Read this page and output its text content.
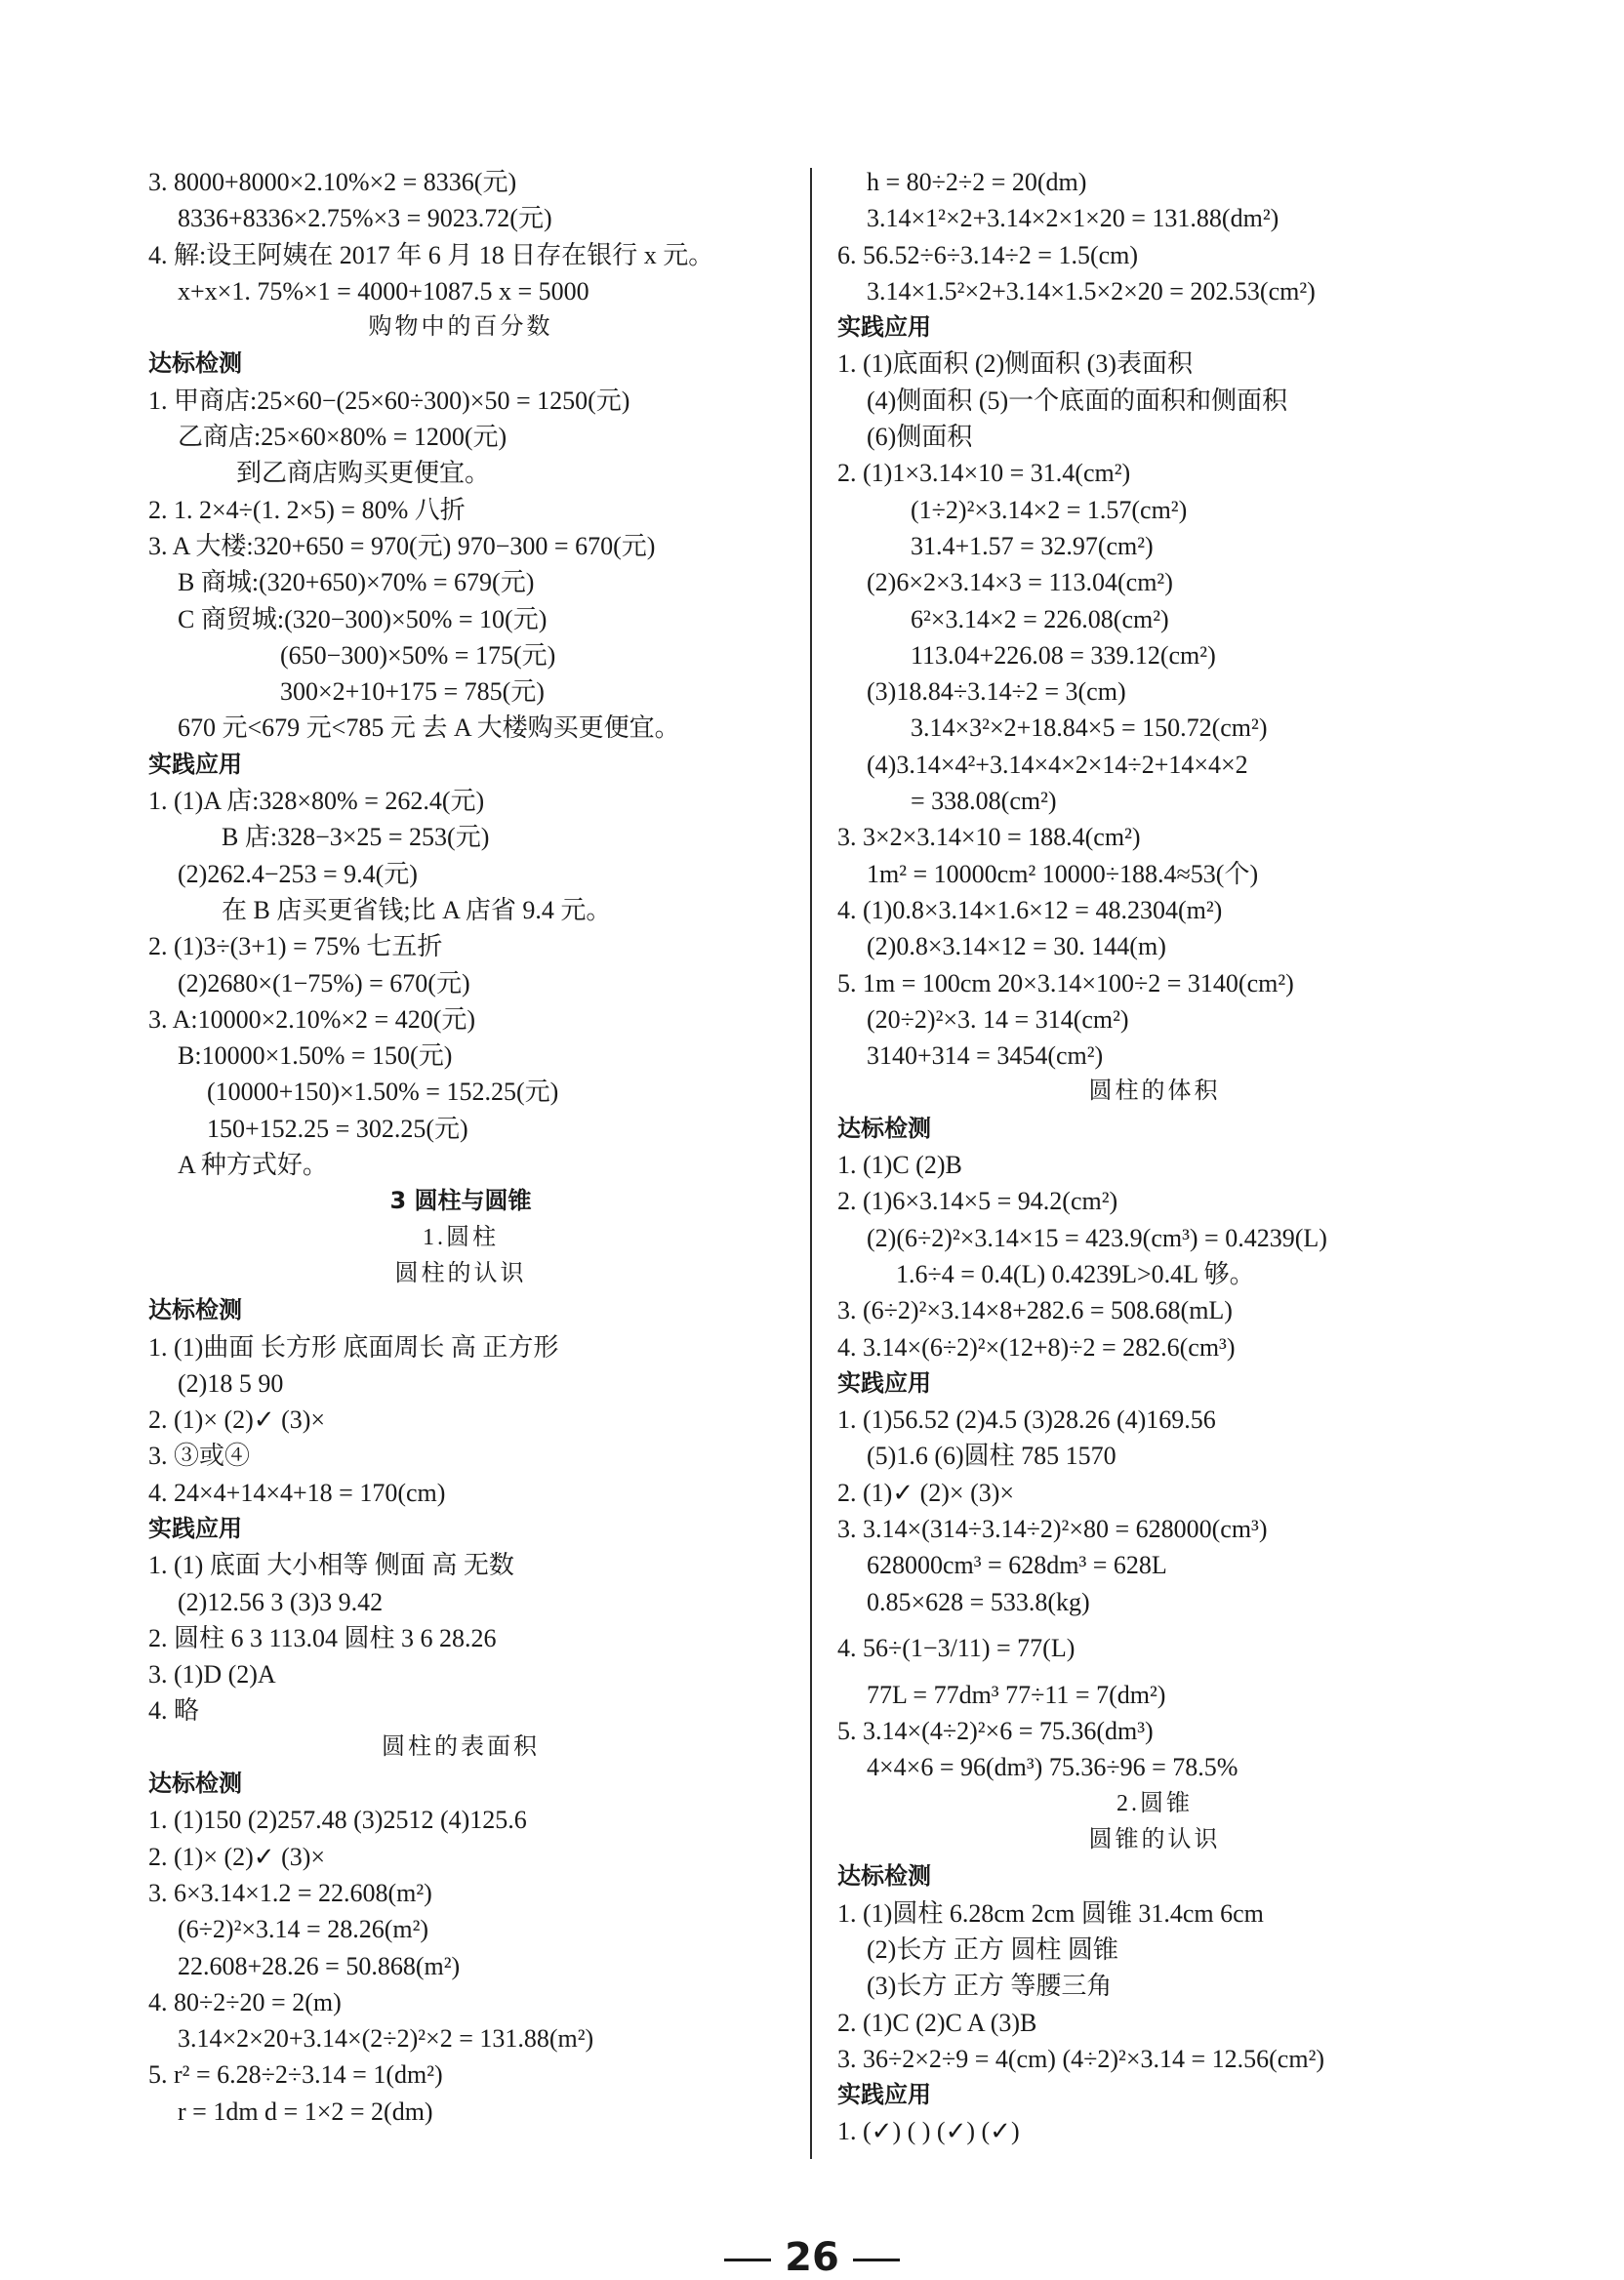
3. 8000+8000×2.10%×2 = 8336(元)
8336+8336×2.75%×3 = 9023.72(元)
4. 解:设王阿姨在 2017 年 6 月 18 日存在银行 x 元。
x+x×1. 75%×1 = 4000+1087.5 x = 5000
购物中的百分数
达标检测
1. 甲商店:25×60−(25×60÷300)×50 = 1250(元)
乙商店:25×60×80% = 1200(元)
到乙商店购买更便宜。
2. 1. 2×4÷(1. 2×5) = 80% 八折
3. A 大楼:320+650 = 970(元) 970−300 = 670(元)
B 商城:(320+650)×70% = 679(元)
C 商贸城:(320−300)×50% = 10(元)
(650−300)×50% = 175(元)
300×2+10+175 = 785(元)
670 元<679 元<785 元 去 A 大楼购买更便宜。
实践应用
1. (1)A 店:328×80% = 262.4(元)
B 店:328−3×25 = 253(元)
(2)262.4−253 = 9.4(元)
在 B 店买更省钱;比 A 店省 9.4 元。
2. (1)3÷(3+1) = 75% 七五折
(2)2680×(1−75%) = 670(元)
3. A:10000×2.10%×2 = 420(元)
B:10000×1.50% = 150(元)
(10000+150)×1.50% = 152.25(元)
150+152.25 = 302.25(元)
A 种方式好。
3 圆柱与圆锥
1.圆柱
圆柱的认识
达标检测
1. (1)曲面 长方形 底面周长 高 正方形
(2)18 5 90
2. (1)× (2)✓ (3)×
3. ③或④
4. 24×4+14×4+18 = 170(cm)
实践应用
1. (1) 底面 大小相等 侧面 高 无数
(2)12.56 3 (3)3 9.42
2. 圆柱 6 3 113.04 圆柱 3 6 28.26
3. (1)D (2)A
4. 略
圆柱的表面积
达标检测
1. (1)150 (2)257.48 (3)2512 (4)125.6
2. (1)× (2)✓ (3)×
3. 6×3.14×1.2 = 22.608(m²)
(6÷2)²×3.14 = 28.26(m²)
22.608+28.26 = 50.868(m²)
4. 80÷2÷20 = 2(m)
3.14×2×20+3.14×(2÷2)²×2 = 131.88(m²)
5. r² = 6.28÷2÷3.14 = 1(dm²)
r = 1dm d = 1×2 = 2(dm)
h = 80÷2÷2 = 20(dm)
3.14×1²×2+3.14×2×1×20 = 131.88(dm²)
6. 56.52÷6÷3.14÷2 = 1.5(cm)
3.14×1.5²×2+3.14×1.5×2×20 = 202.53(cm²)
实践应用
1. (1)底面积 (2)侧面积 (3)表面积
(4)侧面积 (5)一个底面的面积和侧面积
(6)侧面积
2. (1)1×3.14×10 = 31.4(cm²)
(1÷2)²×3.14×2 = 1.57(cm²)
31.4+1.57 = 32.97(cm²)
(2)6×2×3.14×3 = 113.04(cm²)
6²×3.14×2 = 226.08(cm²)
113.04+226.08 = 339.12(cm²)
(3)18.84÷3.14÷2 = 3(cm)
3.14×3²×2+18.84×5 = 150.72(cm²)
(4)3.14×4²+3.14×4×2×14÷2+14×4×2
= 338.08(cm²)
3. 3×2×3.14×10 = 188.4(cm²)
1m² = 10000cm² 10000÷188.4≈53(个)
4. (1)0.8×3.14×1.6×12 = 48.2304(m²)
(2)0.8×3.14×12 = 30. 144(m)
5. 1m = 100cm 20×3.14×100÷2 = 3140(cm²)
(20÷2)²×3. 14 = 314(cm²)
3140+314 = 3454(cm²)
圆柱的体积
达标检测
1. (1)C (2)B
2. (1)6×3.14×5 = 94.2(cm²)
(2)(6÷2)²×3.14×15 = 423.9(cm³) = 0.4239(L)
1.6÷4 = 0.4(L) 0.4239L>0.4L 够。
3. (6÷2)²×3.14×8+282.6 = 508.68(mL)
4. 3.14×(6÷2)²×(12+8)÷2 = 282.6(cm³)
实践应用
1. (1)56.52 (2)4.5 (3)28.26 (4)169.56
(5)1.6 (6)圆柱 785 1570
2. (1)✓ (2)× (3)×
3. 3.14×(314÷3.14÷2)²×80 = 628000(cm³)
628000cm³ = 628dm³ = 628L
0.85×628 = 533.8(kg)
4. 56÷(1−3/11) = 77(L)
77L = 77dm³ 77÷11 = 7(dm²)
5. 3.14×(4÷2)²×6 = 75.36(dm³)
4×4×6 = 96(dm³) 75.36÷96 = 78.5%
2.圆锥
圆锥的认识
达标检测
1. (1)圆柱 6.28cm 2cm 圆锥 31.4cm 6cm
(2)长方 正方 圆柱 圆锥
(3)长方 正方 等腰三角
2. (1)C (2)C A (3)B
3. 36÷2×2÷9 = 4(cm) (4÷2)²×3.14 = 12.56(cm²)
实践应用
1. (✓) ( ) (✓) (✓)
26
